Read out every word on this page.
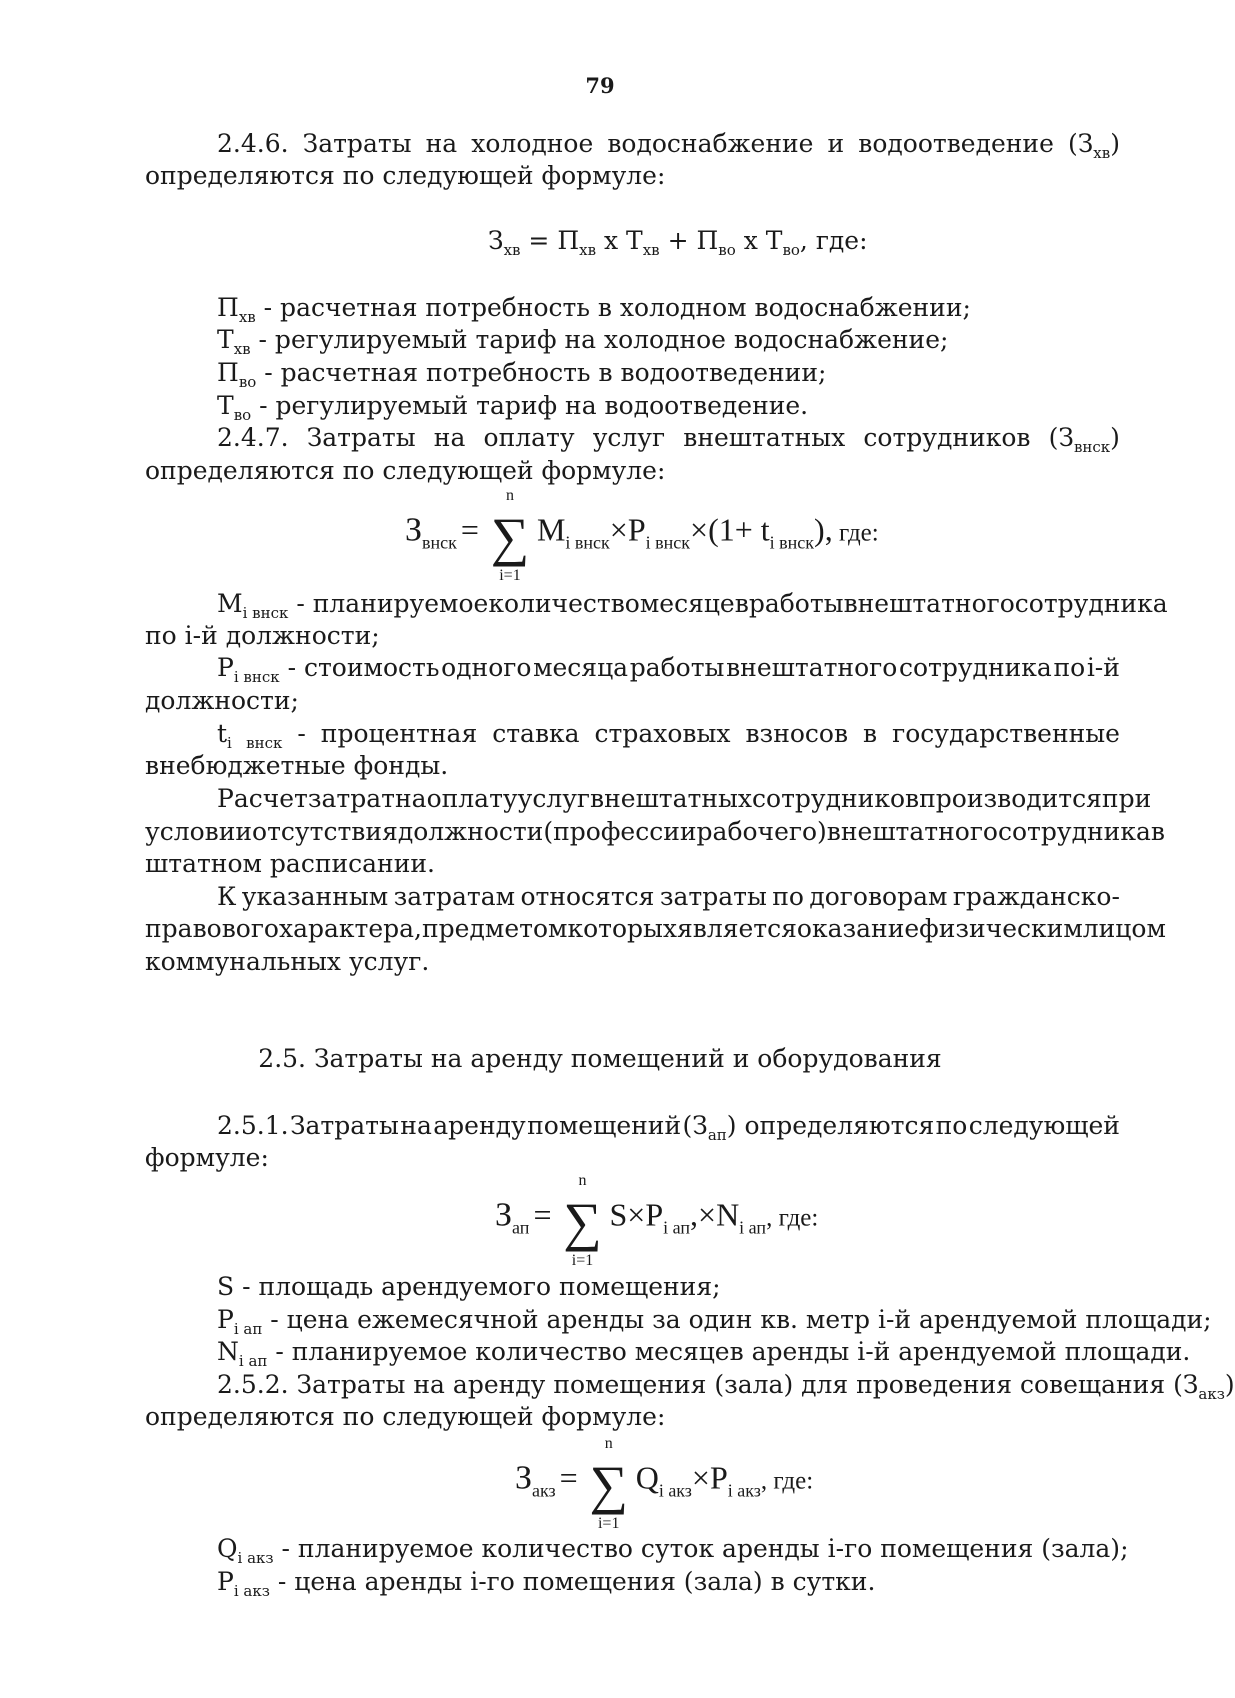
79
2.4.6. Затраты на холодное водоснабжение и водоотведение $(З_{хв})$
определяются по следующей формуле:
$З_{хв} = П_{хв}$ х $Т_{хв} + П_{во}$ х $Т_{во}$, где:
$П_{хв}$ - расчетная потребность в холодном водоснабжении;
$Т_{хв}$ - регулируемый тариф на холодное водоснабжение;
$П_{во}$ - расчетная потребность в водоотведении;
$Т_{во}$ - регулируемый тариф на водоотведение.
2.4.7. Затраты на оплату услуг внештатных сотрудников $(З_{внск})$
определяются по следующей формуле:
Звнск =
n
∑
i=1
Mi внск×Pi внск×(1+ ti внск), где:
$M_{i внск}$ - планируемое количество месяцев работы внештатного сотрудника
по i-й должности;
$P_{i внск}$ - стоимость одного месяца работы внештатного сотрудника по i-й
должности;
$t_{i внск}$ - процентная ставка страховых взносов в государственные
внебюджетные фонды.
Расчет затрат на оплату услуг внештатных сотрудников производится при
условии отсутствия должности (профессии рабочего) внештатного сотрудника в
штатном расписании.
К указанным затратам относятся затраты по договорам гражданско-
правового характера, предметом которых является оказание физическим лицом
коммунальных услуг.
2.5. Затраты на аренду помещений и оборудования
2.5.1. Затраты на аренду помещений $(З_{ап})$ определяются по следующей
формуле:
Зап =
n
∑
i=1
S×Pi ап,×Ni ап, где:
S - площадь арендуемого помещения;
$P_{i ап}$ - цена ежемесячной аренды за один кв. метр i-й арендуемой площади;
$N_{i ап}$ - планируемое количество месяцев аренды i-й арендуемой площади.
2.5.2. Затраты на аренду помещения (зала) для проведения совещания $(З_{акз})$
определяются по следующей формуле:
Закз =
n
∑
i=1
Qi акз×Pi акз, где:
$Q_{i акз}$ - планируемое количество суток аренды i-го помещения (зала);
$P_{i акз}$ - цена аренды i-го помещения (зала) в сутки.
